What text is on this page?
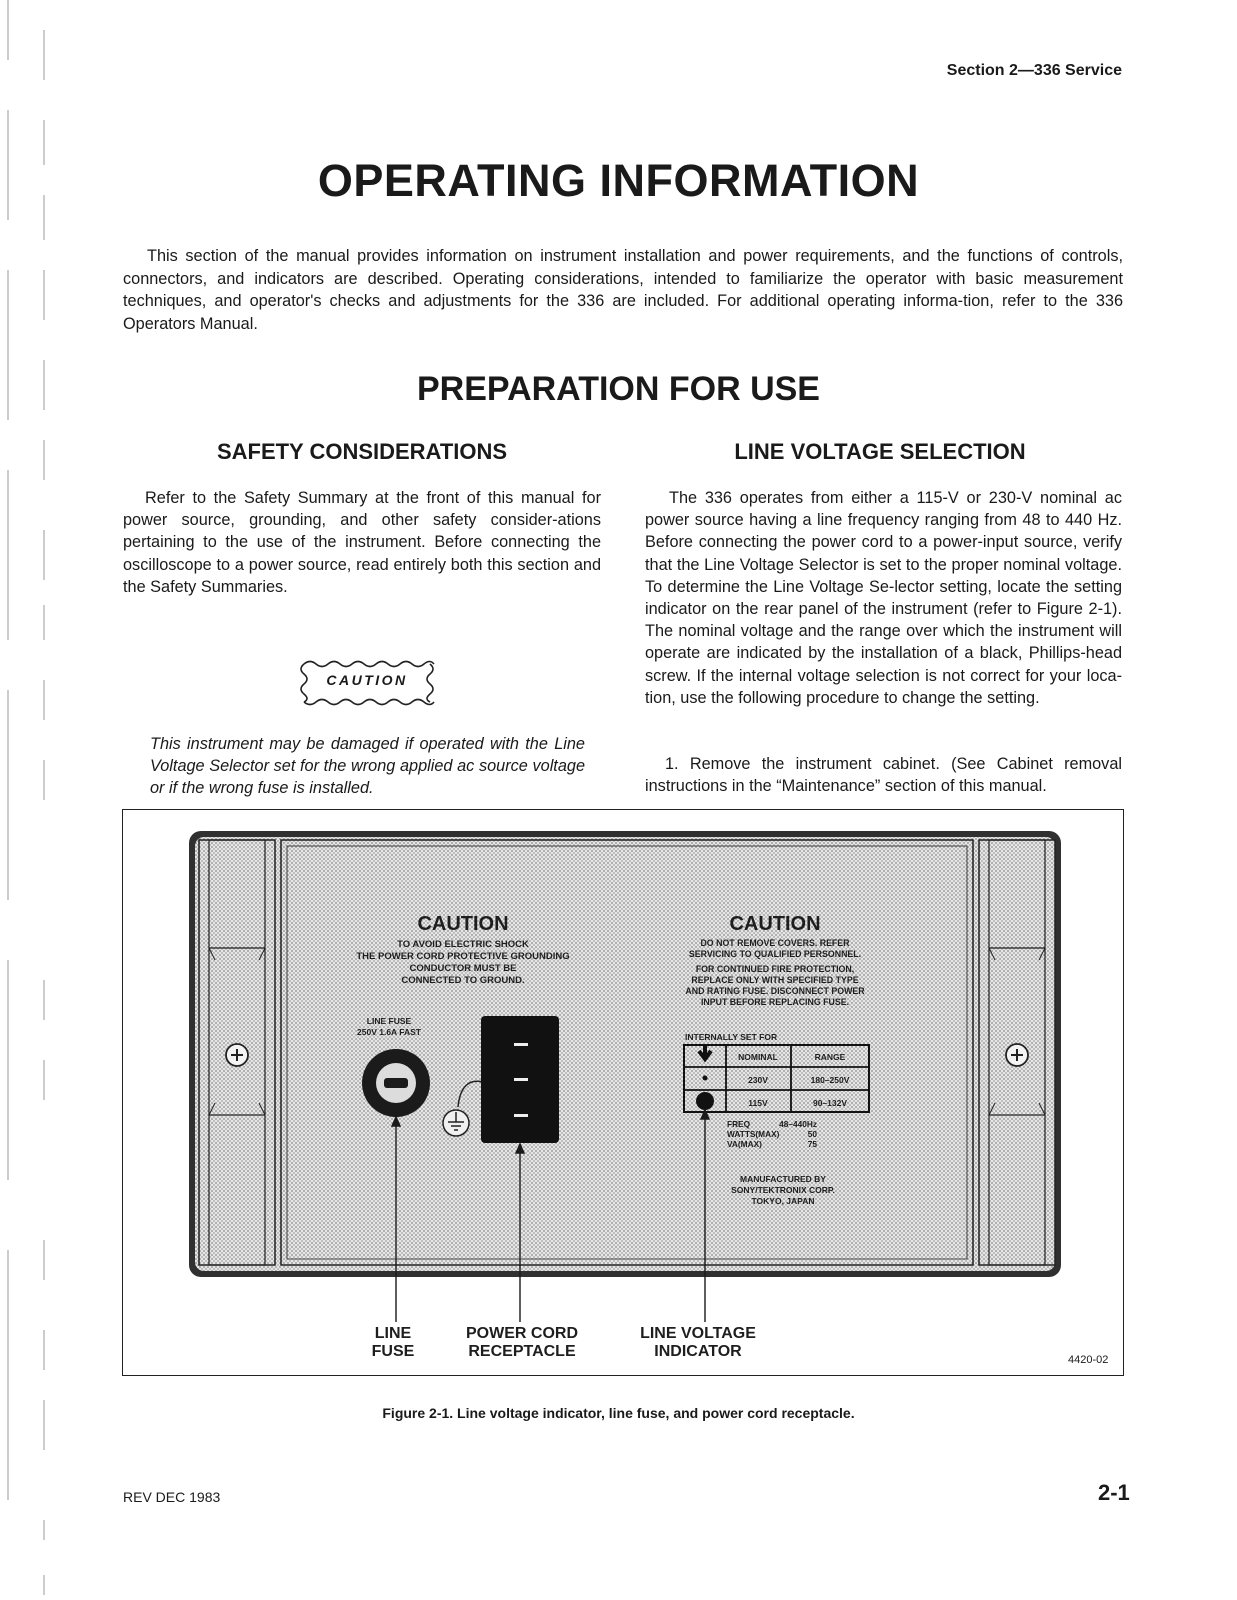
Section 2—336 Service
OPERATING INFORMATION
This section of the manual provides information on instrument installation and power requirements, and the functions of controls, connectors, and indicators are described. Operating considerations, intended to familiarize the operator with basic measurement techniques, and operator's checks and adjustments for the 336 are included. For additional operating informa-tion, refer to the 336 Operators Manual.
PREPARATION FOR USE
SAFETY CONSIDERATIONS	LINE VOLTAGE SELECTION
Refer to the Safety Summary at the front of this manual for power source, grounding, and other safety consider-ations pertaining to the use of the instrument. Before connecting the oscilloscope to a power source, read entirely both this section and the Safety Summaries.
CAUTION
This instrument may be damaged if operated with the Line Voltage Selector set for the wrong applied ac source voltage or if the wrong fuse is installed.
The 336 operates from either a 115-V or 230-V nominal ac power source having a line frequency ranging from 48 to 440 Hz. Before connecting the power cord to a power-input source, verify that the Line Voltage Selector is set to the proper nominal voltage. To determine the Line Voltage Se-lector setting, locate the setting indicator on the rear panel of the instrument (refer to Figure 2-1). The nominal voltage and the range over which the instrument will operate are indicated by the installation of a black, Phillips-head screw. If the internal voltage selection is not correct for your loca-tion, use the following procedure to change the setting.
1. Remove the instrument cabinet. (See Cabinet removal instructions in the “Maintenance” section of this manual.
CAUTION
TO AVOID ELECTRIC SHOCK
THE POWER CORD PROTECTIVE GROUNDING
CONDUCTOR MUST BE
CONNECTED TO GROUND.
LINE FUSE
250V 1.6A FAST
CAUTION
DO NOT REMOVE COVERS. REFER
SERVICING TO QUALIFIED PERSONNEL.
FOR CONTINUED FIRE PROTECTION,
REPLACE ONLY WITH SPECIFIED TYPE
AND RATING FUSE. DISCONNECT POWER
INPUT BEFORE REPLACING FUSE.
INTERNALLY SET FOR
NOMINAL	RANGE
230V	180–250V
115V	90–132V
FREQ	48–440Hz
WATTS(MAX)	50
VA(MAX)	75
MANUFACTURED BY
SONY/TEKTRONIX CORP.
TOKYO, JAPAN
LINE
FUSE
POWER CORD
RECEPTACLE
LINE VOLTAGE
INDICATOR	4420-02
Figure 2-1. Line voltage indicator, line fuse, and power cord receptacle.
REV DEC 1983	2-1
